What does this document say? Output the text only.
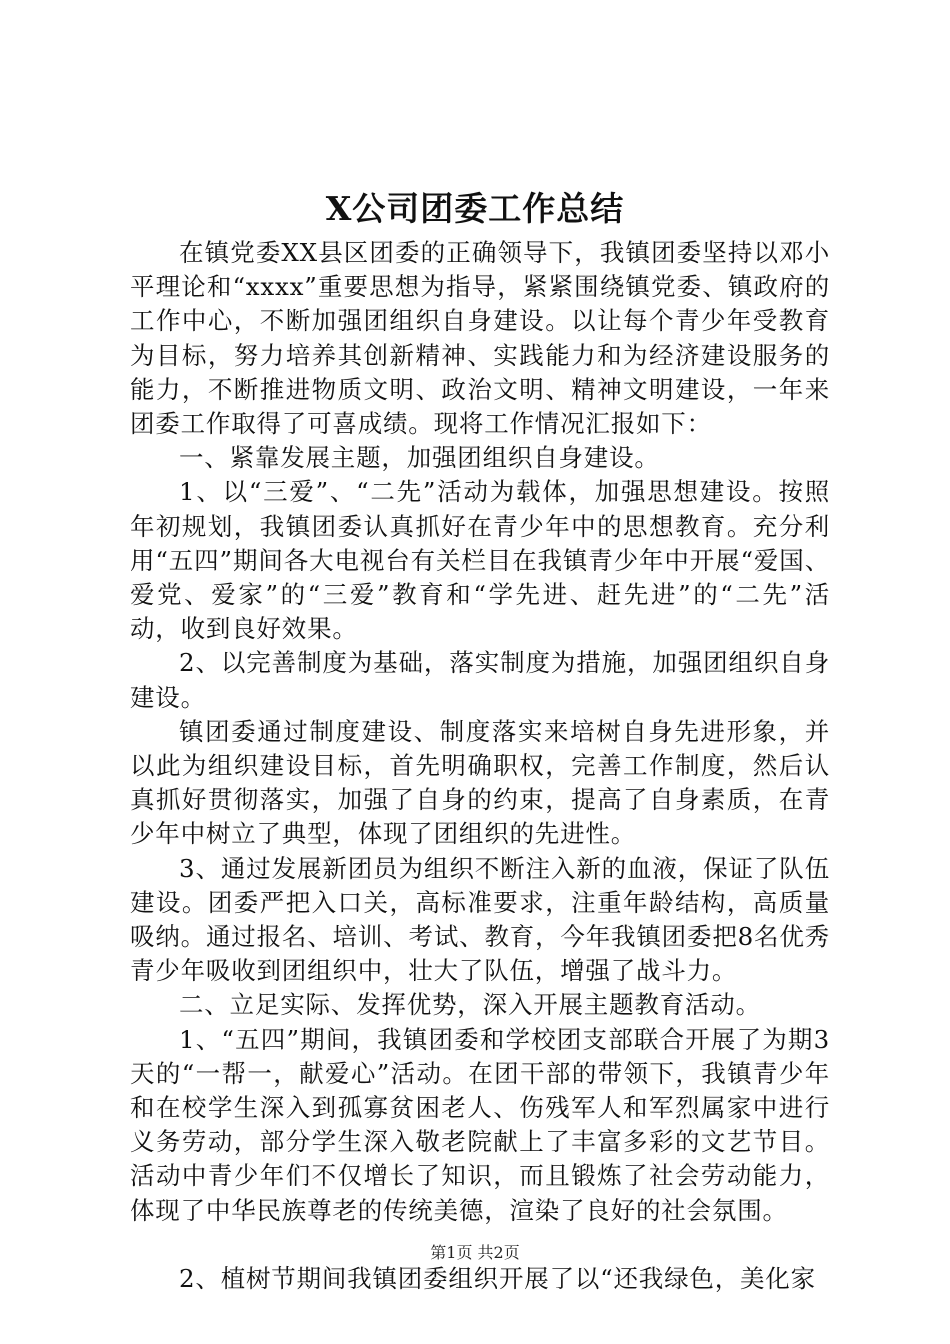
X公司团委工作总结

在镇党委XX县区团委的正确领导下，我镇团委坚持以邓小平理论和“xxxx”重要思想为指导，紧紧围绕镇党委、镇政府的工作中心，不断加强团组织自身建设。以让每个青少年受教育为目标，努力培养其创新精神、实践能力和为经济建设服务的能力，不断推进物质文明、政治文明、精神文明建设，一年来团委工作取得了可喜成绩。现将工作情况汇报如下：

一、紧靠发展主题，加强团组织自身建设。

1、以“三爱”、“二先”活动为载体，加强思想建设。按照年初规划，我镇团委认真抓好在青少年中的思想教育。充分利用“五四”期间各大电视台有关栏目在我镇青少年中开展“爱国、爱党、爱家”的“三爱”教育和“学先进、赶先进”的“二先”活动，收到良好效果。

2、以完善制度为基础，落实制度为措施，加强团组织自身建设。

镇团委通过制度建设、制度落实来培树自身先进形象，并以此为组织建设目标，首先明确职权，完善工作制度，然后认真抓好贯彻落实，加强了自身的约束，提高了自身素质，在青少年中树立了典型，体现了团组织的先进性。

3、通过发展新团员为组织不断注入新的血液，保证了队伍建设。团委严把入口关，高标准要求，注重年龄结构，高质量吸纳。通过报名、培训、考试、教育，今年我镇团委把8名优秀青少年吸收到团组织中，壮大了队伍，增强了战斗力。

二、立足实际、发挥优势，深入开展主题教育活动。

1、“五四”期间，我镇团委和学校团支部联合开展了为期3天的“一帮一，献爱心”活动。在团干部的带领下，我镇青少年和在校学生深入到孤寡贫困老人、伤残军人和军烈属家中进行义务劳动，部分学生深入敬老院献上了丰富多彩的文艺节目。活动中青少年们不仅增长了知识，而且锻炼了社会劳动能力，体现了中华民族尊老的传统美德，渲染了良好的社会氛围。

2、植树节期间我镇团委组织开展了以“还我绿色，美化家

第1页 共2页
